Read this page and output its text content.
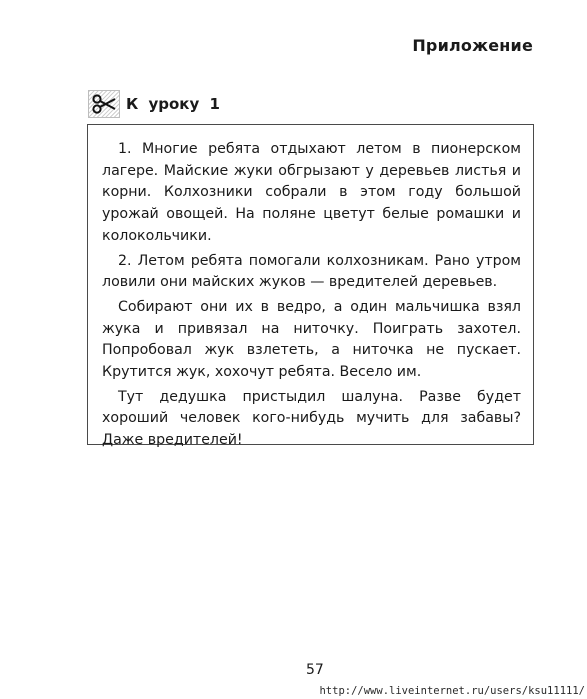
Приложение
К уроку 1

1. Многие ребята отдыхают летом в пионерском лагере. Майские жуки обгрызают у деревьев листья и корни. Колхозники собрали в этом году большой урожай овощей. На поляне цветут белые ромашки и колокольчики.

2. Летом ребята помогали колхозникам. Рано утром ловили они майских жуков — вредителей деревьев.

Собирают они их в ведро, а один мальчишка взял жука и привязал на ниточку. Поиграть захотел. Попробовал жук взлететь, а ниточка не пускает. Крутится жук, хохочут ребята. Весело им.

Тут дедушка пристыдил шалуна. Разве будет хороший человек кого-нибудь мучить для забавы? Даже вредителей!

57
http://www.liveinternet.ru/users/ksu11111/
